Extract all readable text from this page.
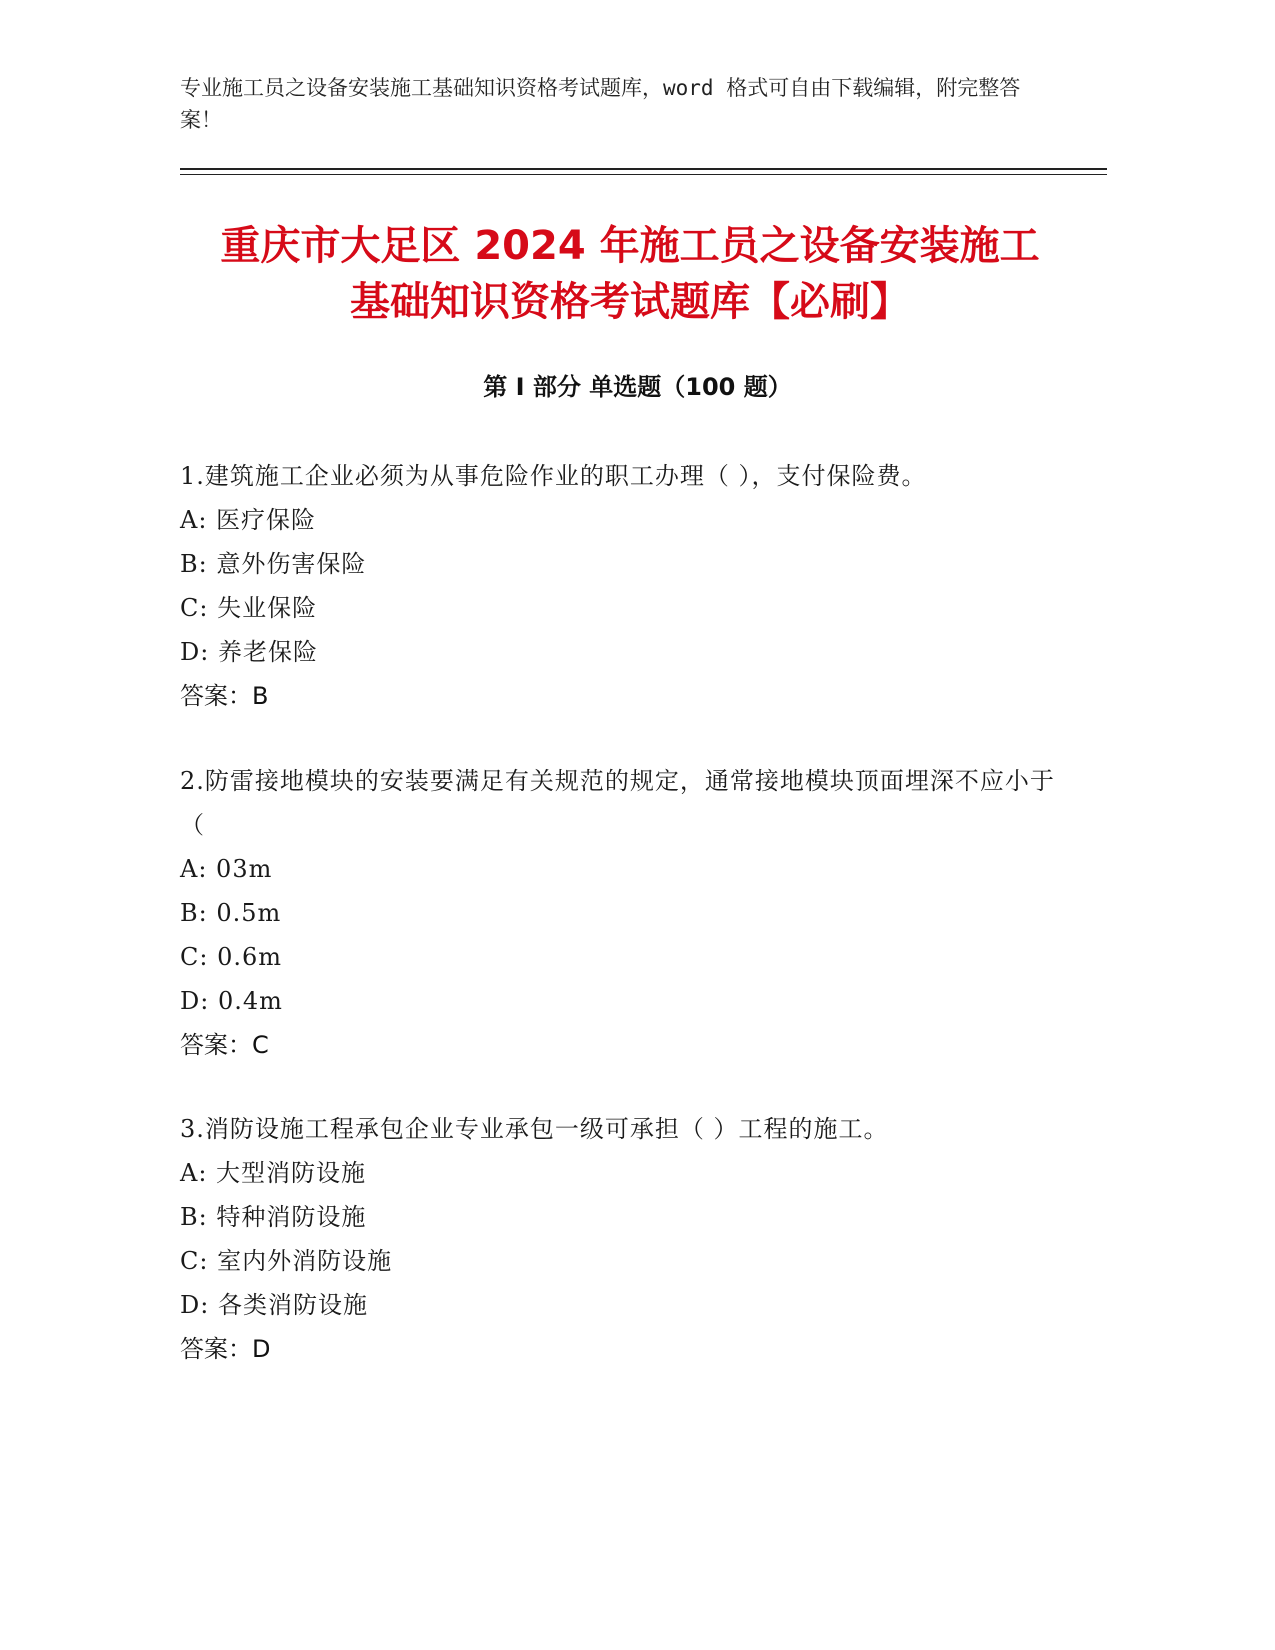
专业施工员之设备安装施工基础知识资格考试题库，word 格式可自由下载编辑，附完整答案！
重庆市大足区 2024 年施工员之设备安装施工
基础知识资格考试题库【必刷】
第 I 部分 单选题（100 题）
1.建筑施工企业必须为从事危险作业的职工办理（ ），支付保险费。
A: 医疗保险
B: 意外伤害保险
C: 失业保险
D: 养老保险
答案：B
2.防雷接地模块的安装要满足有关规范的规定，通常接地模块顶面埋深不应小于（
A: 03m
B: 0.5m
C: 0.6m
D: 0.4m
答案：C
3.消防设施工程承包企业专业承包一级可承担（ ）工程的施工。
A: 大型消防设施
B: 特种消防设施
C: 室内外消防设施
D: 各类消防设施
答案：D
